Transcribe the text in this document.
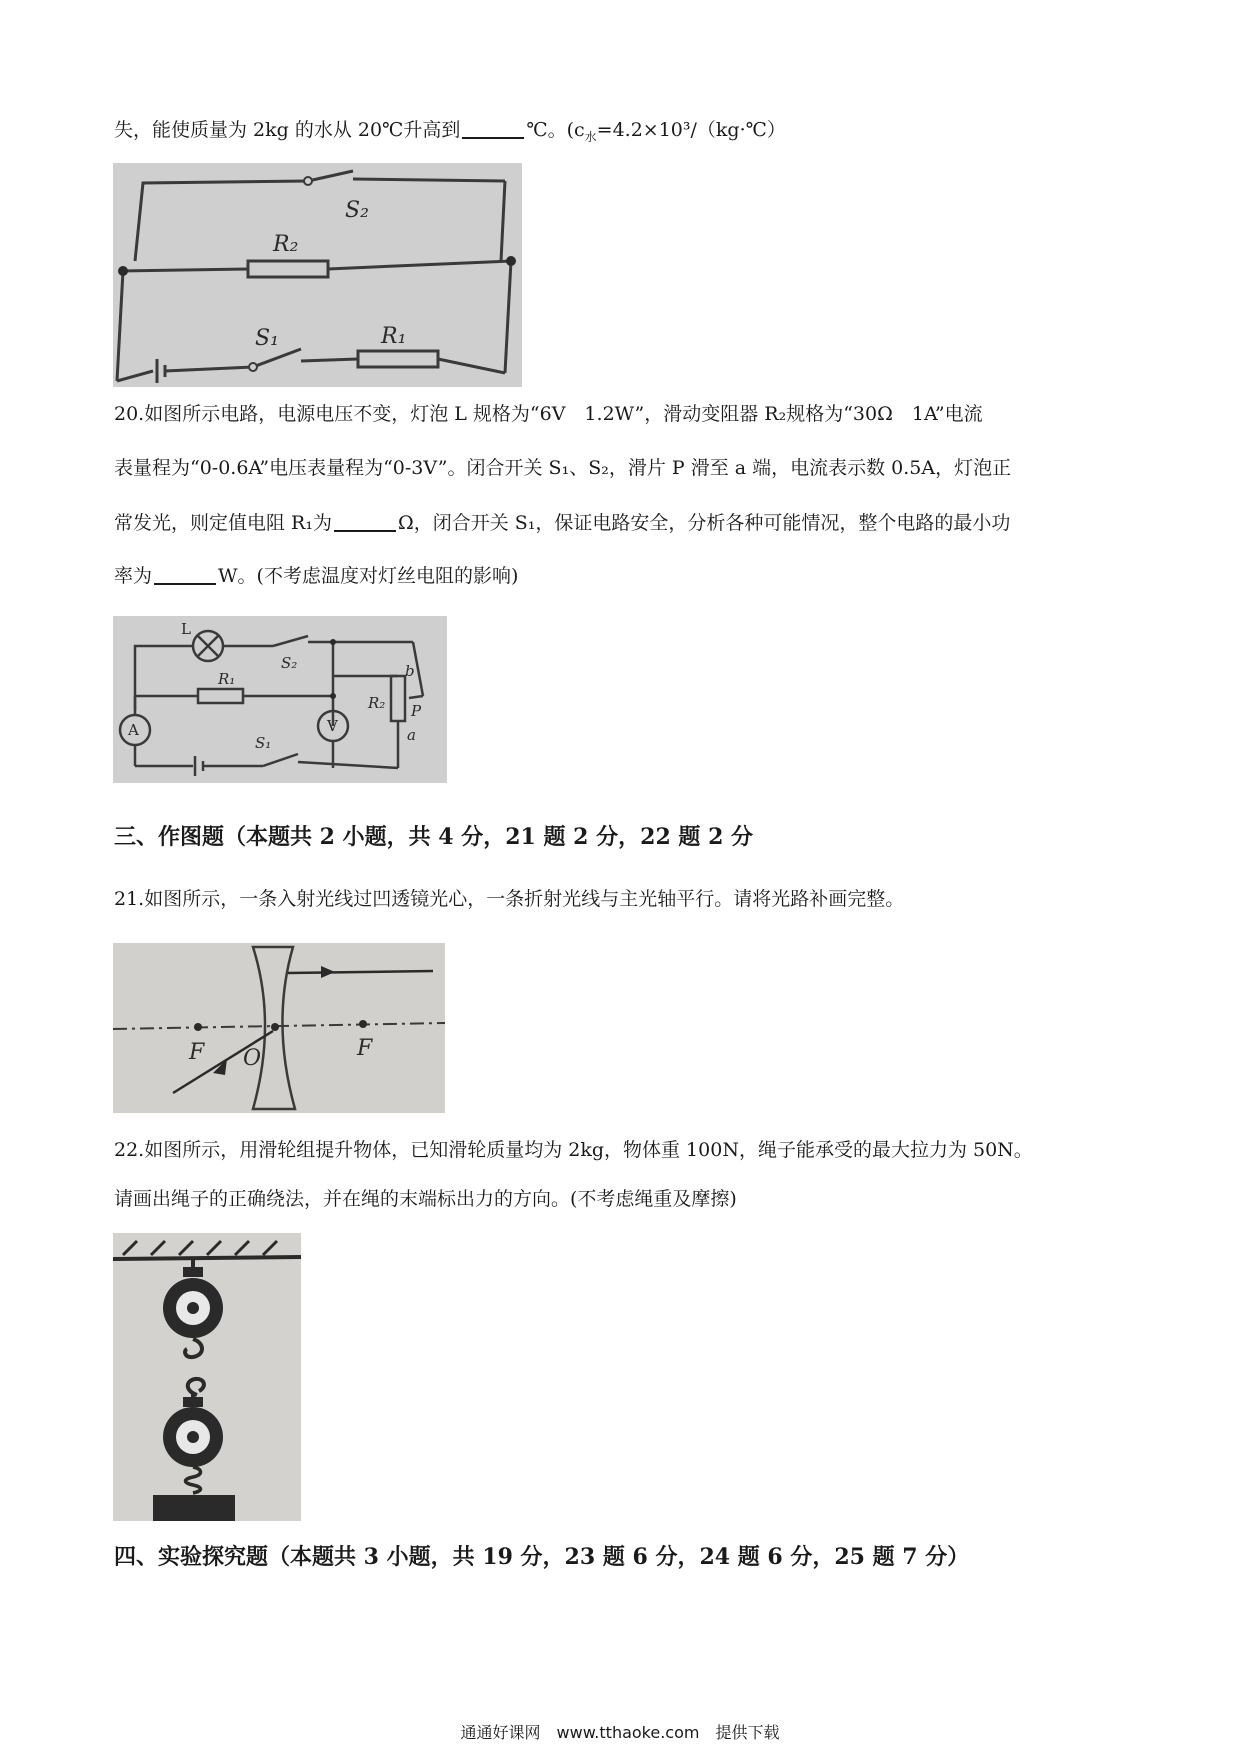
失，能使质量为 2kg 的水从 20℃升高到	℃。($c_水=4.2\times 10^3/(kg\cdot℃)$
S₂
R₂
S₁	R₁
20.如图所示电路，电源电压不变，灯泡 L 规格为“6V　1.2W”，滑动变阻器 R₂规格为“30Ω　1A”电流
表量程为“0-0.6A”电压表量程为“0-3V”。闭合开关 S₁、S₂，滑片 P 滑至 a 端，电流表示数 0.5A，灯泡正
常发光，则定值电阻 R₁为	Ω，闭合开关 S₁，保证电路安全，分析各种可能情况，整个电路的最小功
率为	W。(不考虑温度对灯丝电阻的影响)
L
S₂
R₁
A	V
R₂
b
P
a
S₁
三、作图题（本题共 2 小题，共 4 分，21 题 2 分，22 题 2 分
21.如图所示，一条入射光线过凹透镜光心，一条折射光线与主光轴平行。请将光路补画完整。
F O	F
22.如图所示，用滑轮组提升物体，已知滑轮质量均为 2kg，物体重 100N，绳子能承受的最大拉力为 50N。
请画出绳子的正确绕法，并在绳的末端标出力的方向。(不考虑绳重及摩擦)
四、实验探究题（本题共 3 小题，共 19 分，23 题 6 分，24 题 6 分，25 题 7 分）
通通好课网　www.tthaoke.com　提供下载
